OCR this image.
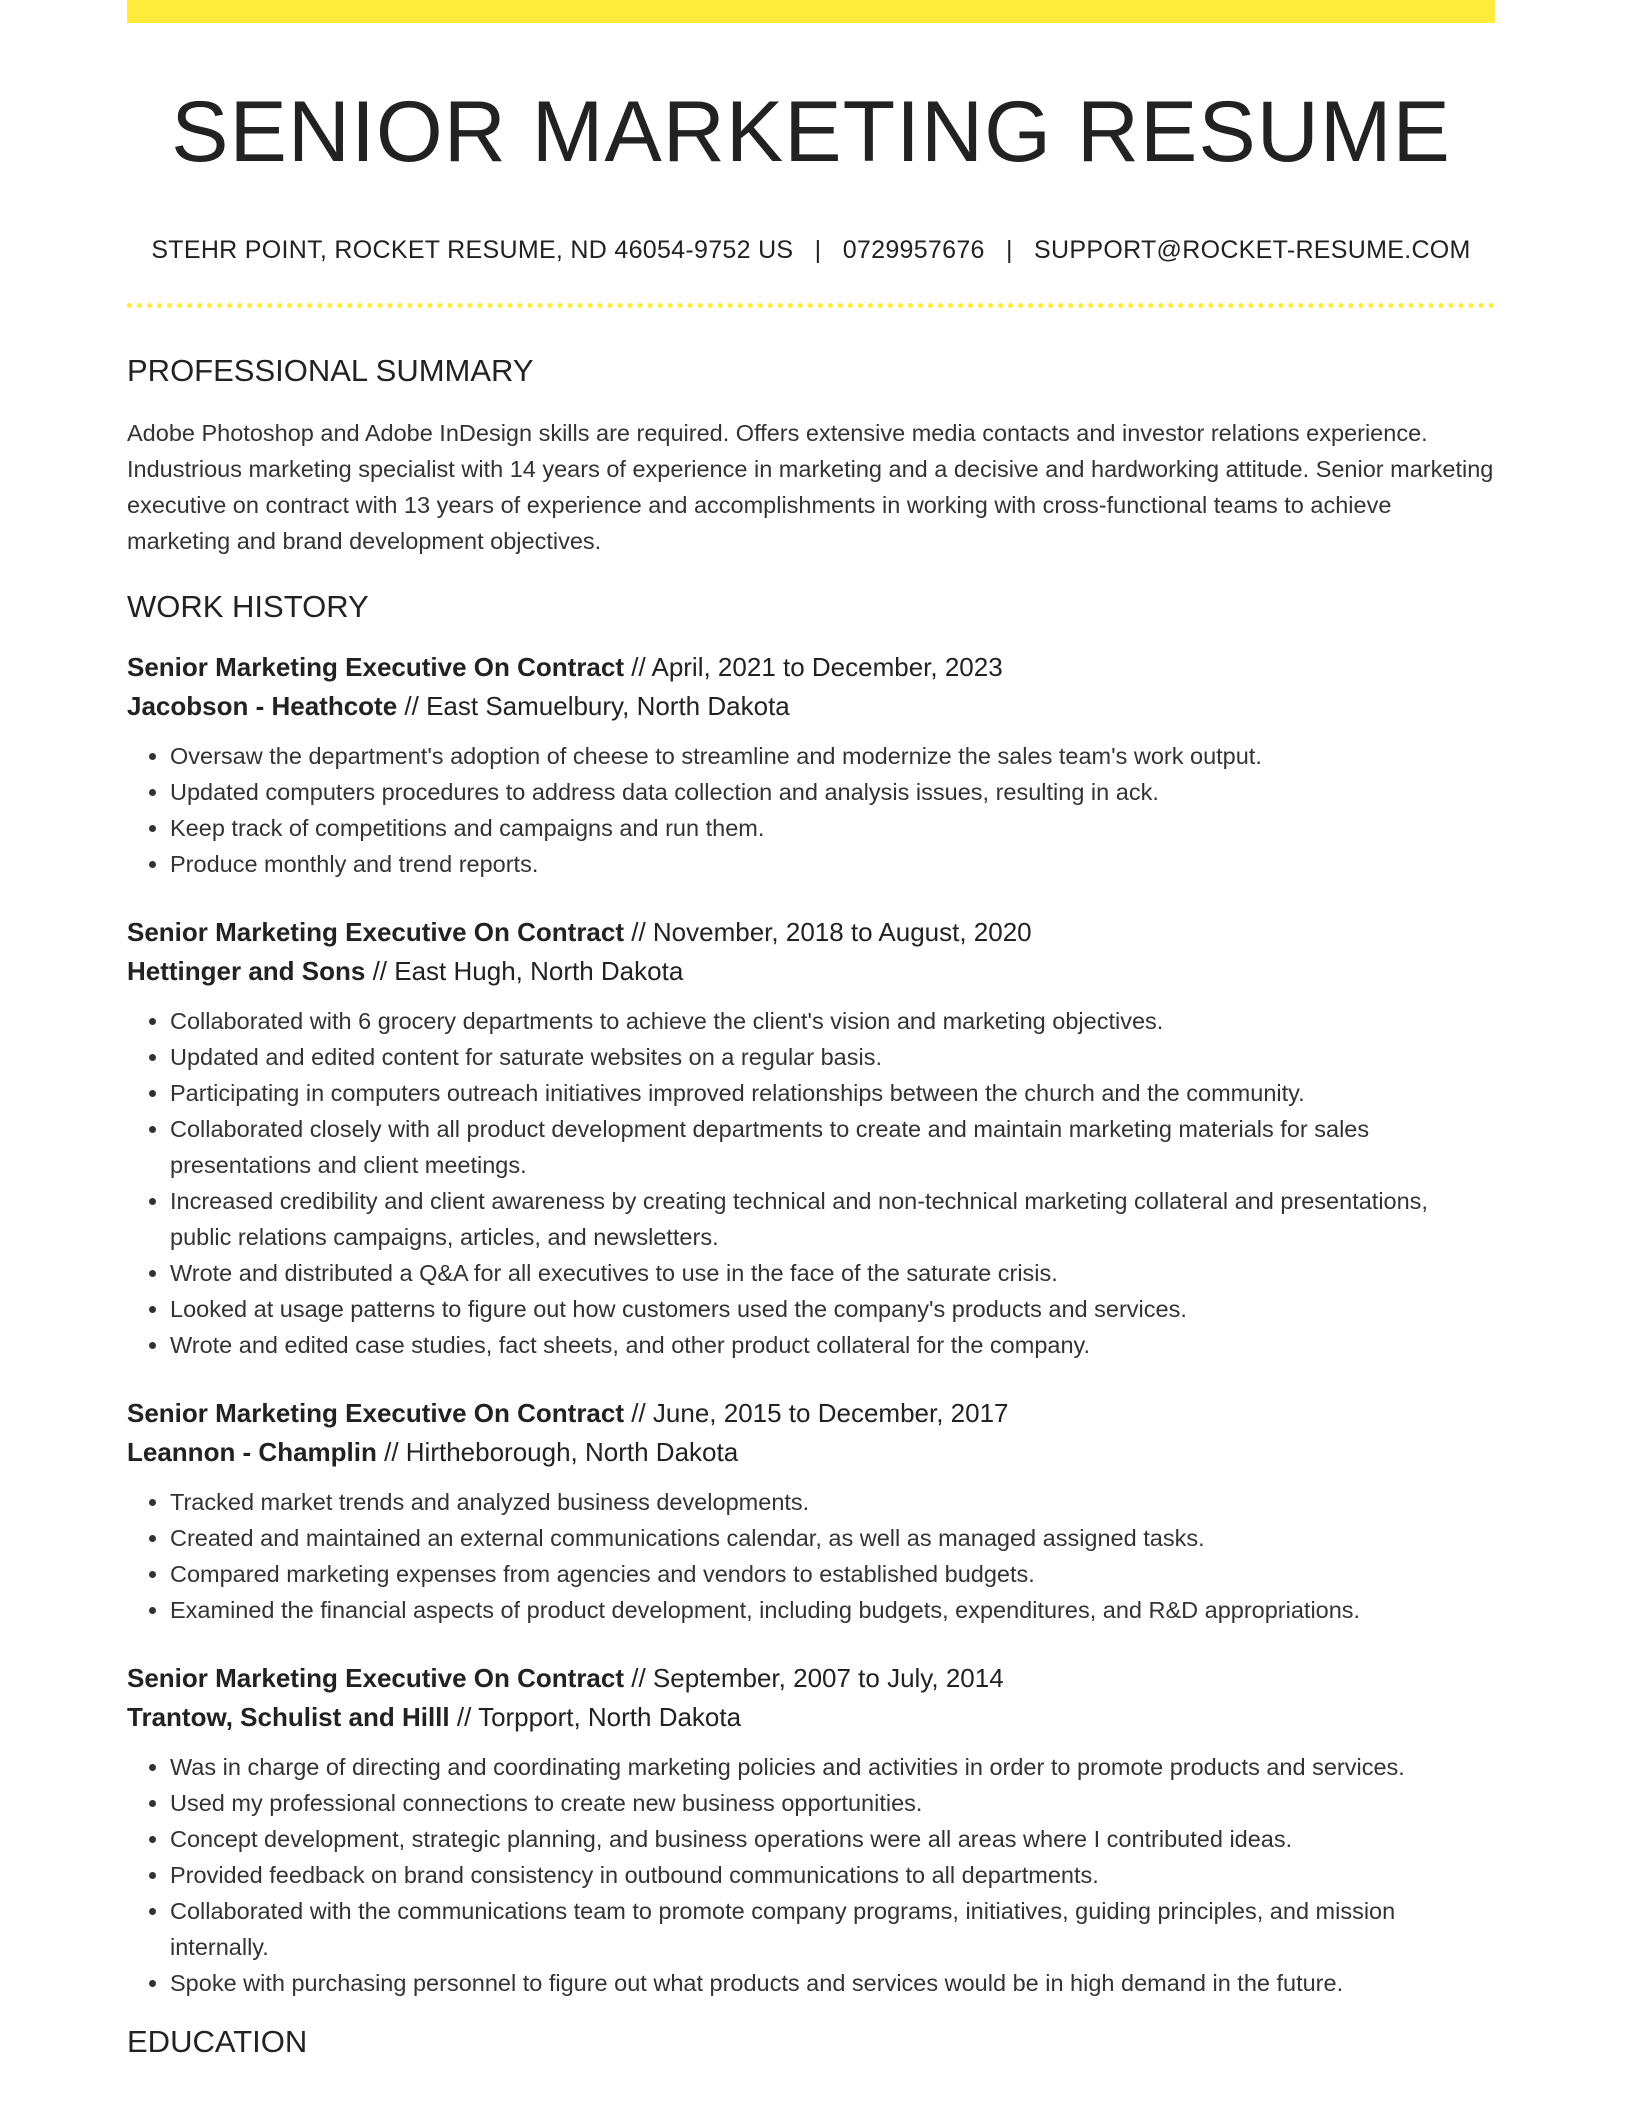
SENIOR MARKETING RESUME
STEHR POINT, ROCKET RESUME, ND 46054-9752 US | 0729957676 | SUPPORT@ROCKET-RESUME.COM
PROFESSIONAL SUMMARY

Adobe Photoshop and Adobe InDesign skills are required. Offers extensive media contacts and investor relations experience. Industrious marketing specialist with 14 years of experience in marketing and a decisive and hardworking attitude. Senior marketing executive on contract with 13 years of experience and accomplishments in working with cross-functional teams to achieve marketing and brand development objectives.

WORK HISTORY
Senior Marketing Executive On Contract // April, 2021 to December, 2023
Jacobson - Heathcote // East Samuelbury, North Dakota
• Oversaw the department's adoption of cheese to streamline and modernize the sales team's work output.
• Updated computers procedures to address data collection and analysis issues, resulting in ack.
• Keep track of competitions and campaigns and run them.
• Produce monthly and trend reports.
Senior Marketing Executive On Contract // November, 2018 to August, 2020
Hettinger and Sons // East Hugh, North Dakota
• Collaborated with 6 grocery departments to achieve the client's vision and marketing objectives.
• Updated and edited content for saturate websites on a regular basis.
• Participating in computers outreach initiatives improved relationships between the church and the community.
• Collaborated closely with all product development departments to create and maintain marketing materials for sales presentations and client meetings.
• Increased credibility and client awareness by creating technical and non-technical marketing collateral and presentations, public relations campaigns, articles, and newsletters.
• Wrote and distributed a Q&A for all executives to use in the face of the saturate crisis.
• Looked at usage patterns to figure out how customers used the company's products and services.
• Wrote and edited case studies, fact sheets, and other product collateral for the company.
Senior Marketing Executive On Contract // June, 2015 to December, 2017
Leannon - Champlin // Hirtheborough, North Dakota
• Tracked market trends and analyzed business developments.
• Created and maintained an external communications calendar, as well as managed assigned tasks.
• Compared marketing expenses from agencies and vendors to established budgets.
• Examined the financial aspects of product development, including budgets, expenditures, and R&D appropriations.
Senior Marketing Executive On Contract // September, 2007 to July, 2014
Trantow, Schulist and Hilll // Torpport, North Dakota
• Was in charge of directing and coordinating marketing policies and activities in order to promote products and services.
• Used my professional connections to create new business opportunities.
• Concept development, strategic planning, and business operations were all areas where I contributed ideas.
• Provided feedback on brand consistency in outbound communications to all departments.
• Collaborated with the communications team to promote company programs, initiatives, guiding principles, and mission internally.
• Spoke with purchasing personnel to figure out what products and services would be in high demand in the future.
EDUCATION
